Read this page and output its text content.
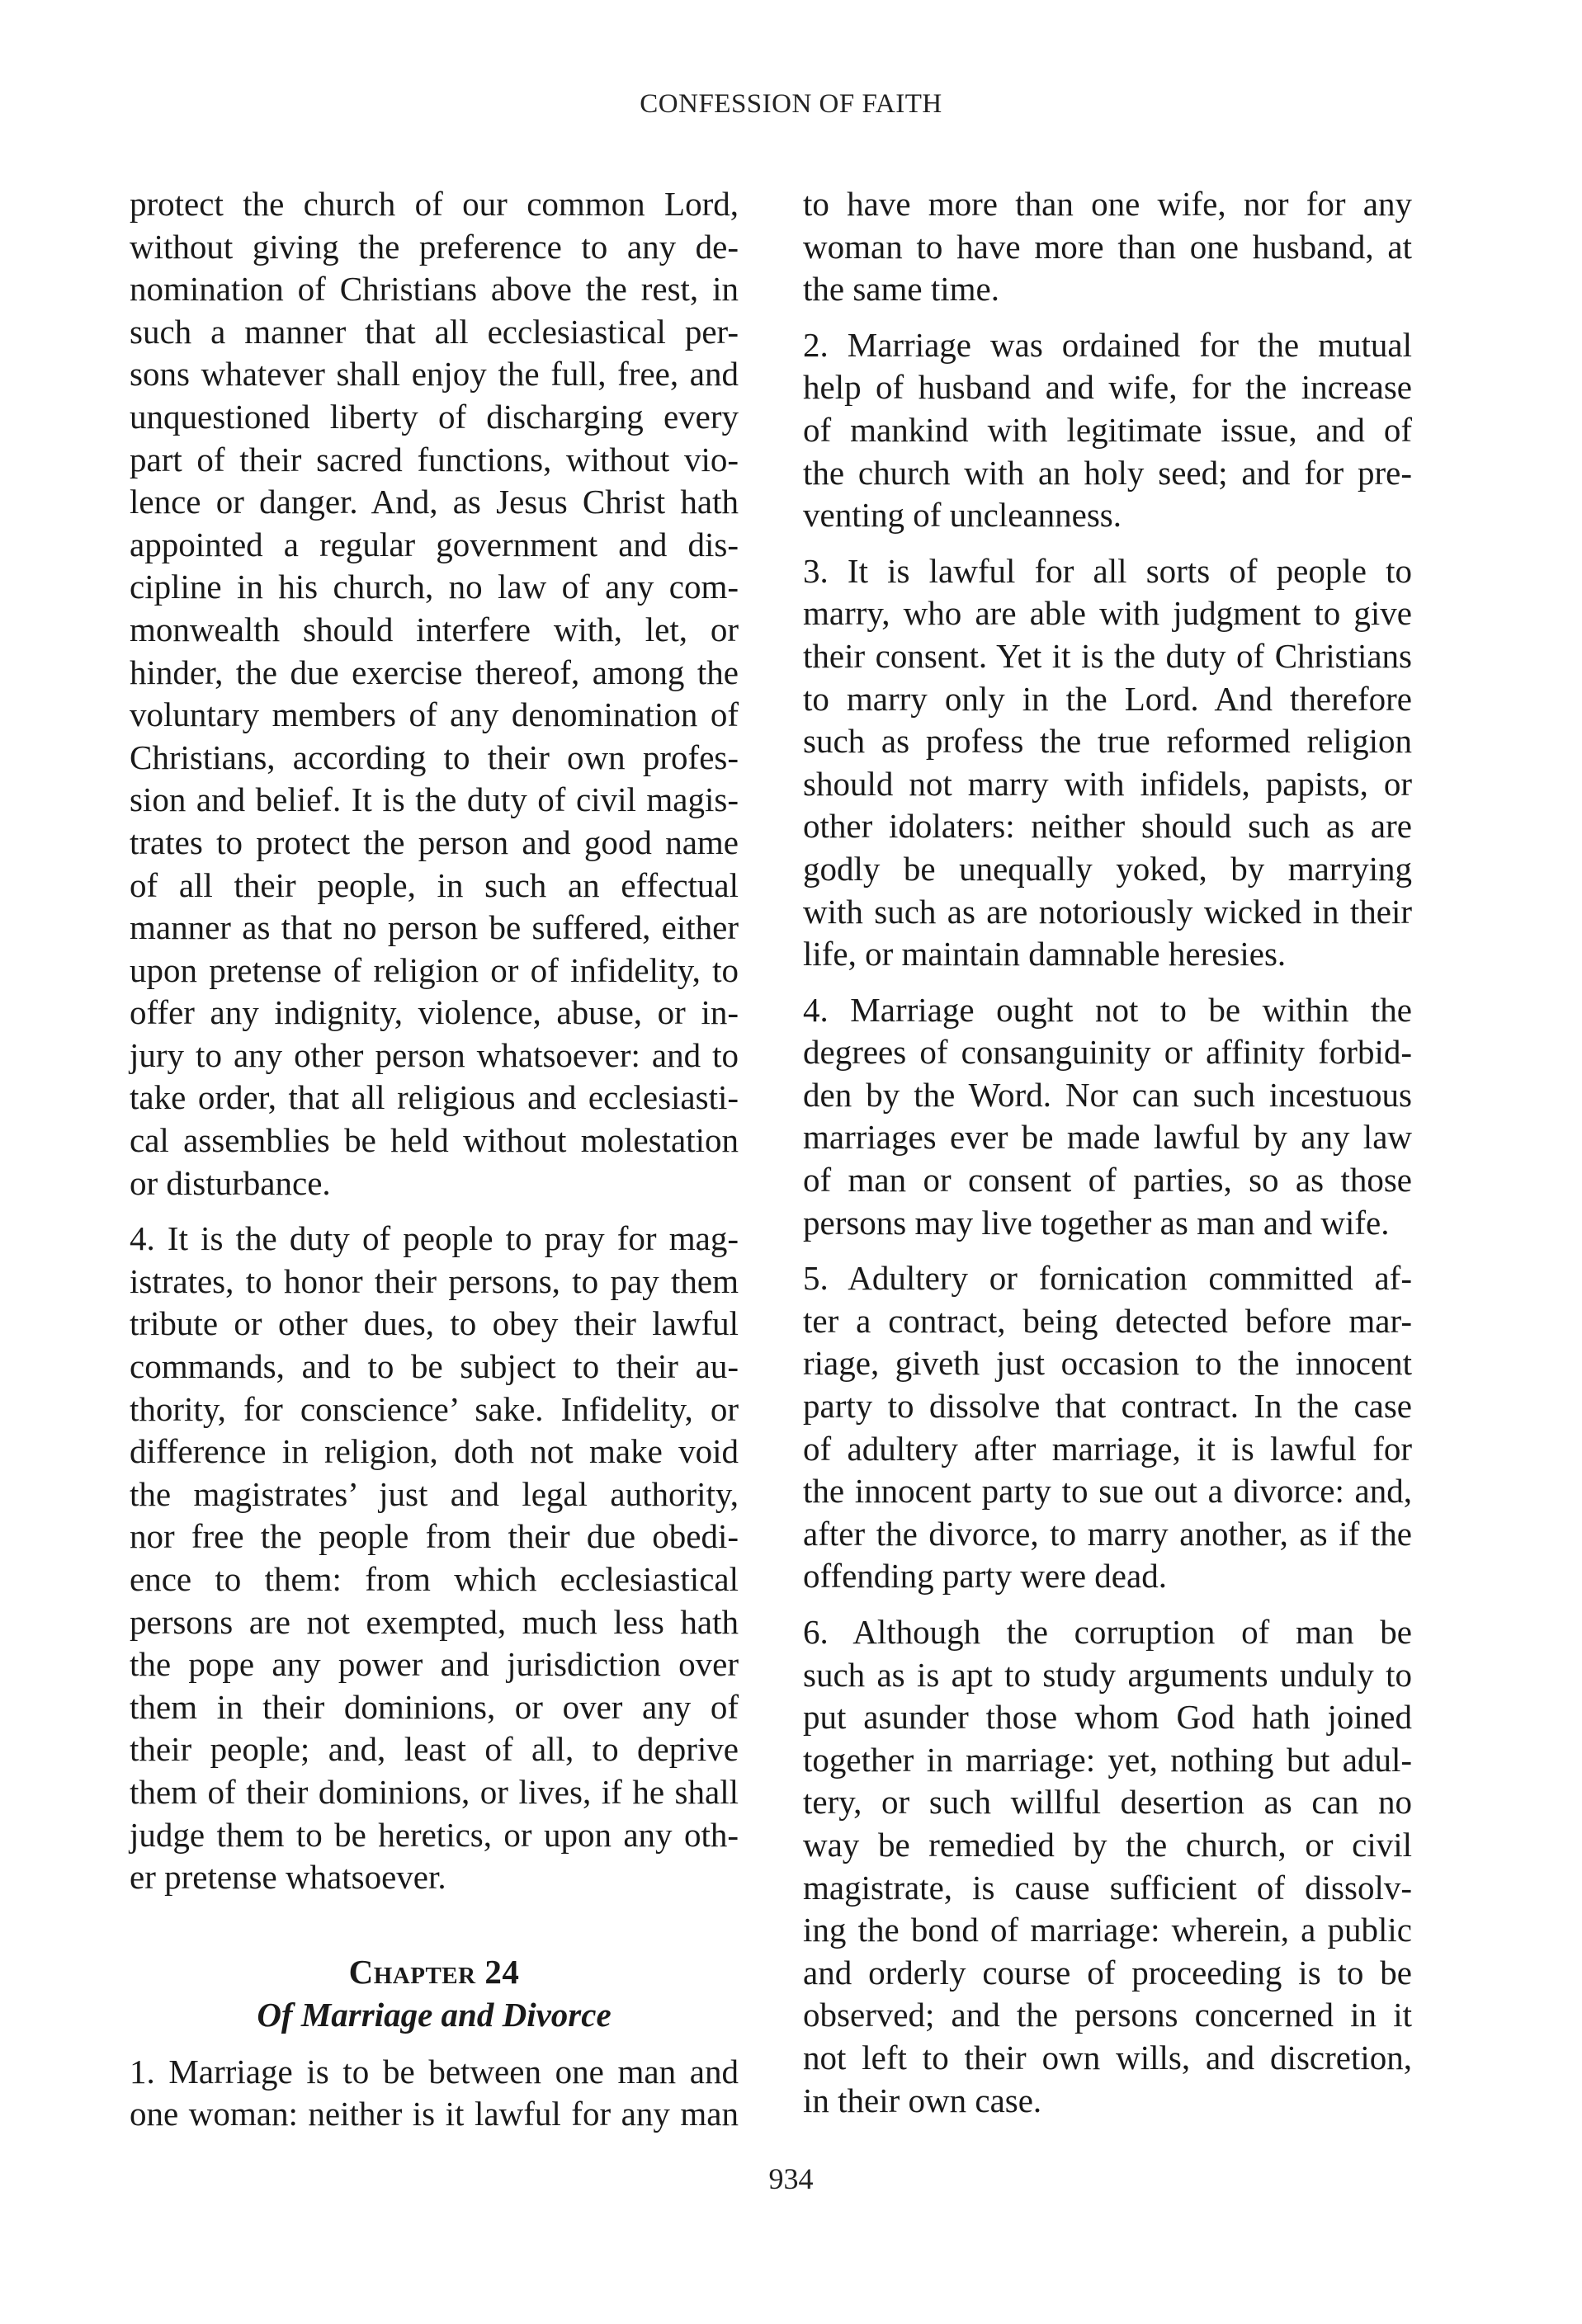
CONFESSION OF FAITH
protect the church of our common Lord,
without giving the preference to any de-
nomination of Christians above the rest, in
such a manner that all ecclesiastical per-
sons whatever shall enjoy the full, free, and
unquestioned liberty of discharging every
part of their sacred functions, without vio-
lence or danger. And, as Jesus Christ hath
appointed a regular government and dis-
cipline in his church, no law of any com-
monwealth should interfere with, let, or
hinder, the due exercise thereof, among the
voluntary members of any denomination of
Christians, according to their own profes-
sion and belief. It is the duty of civil magis-
trates to protect the person and good name
of all their people, in such an effectual
manner as that no person be suffered, either
upon pretense of religion or of infidelity, to
offer any indignity, violence, abuse, or in-
jury to any other person whatsoever: and to
take order, that all religious and ecclesiasti-
cal assemblies be held without molestation
or disturbance.
4. It is the duty of people to pray for mag-
istrates, to honor their persons, to pay them
tribute or other dues, to obey their lawful
commands, and to be subject to their au-
thority, for conscience’ sake. Infidelity, or
difference in religion, doth not make void
the magistrates’ just and legal authority,
nor free the people from their due obedi-
ence to them: from which ecclesiastical
persons are not exempted, much less hath
the pope any power and jurisdiction over
them in their dominions, or over any of
their people; and, least of all, to deprive
them of their dominions, or lives, if he shall
judge them to be heretics, or upon any oth-
er pretense whatsoever.
Chapter 24
Of Marriage and Divorce
1. Marriage is to be between one man and
one woman: neither is it lawful for any man
to have more than one wife, nor for any
woman to have more than one husband, at
the same time.
2. Marriage was ordained for the mutual
help of husband and wife, for the increase
of mankind with legitimate issue, and of
the church with an holy seed; and for pre-
venting of uncleanness.
3. It is lawful for all sorts of people to
marry, who are able with judgment to give
their consent. Yet it is the duty of Christians
to marry only in the Lord. And therefore
such as profess the true reformed religion
should not marry with infidels, papists, or
other idolaters: neither should such as are
godly be unequally yoked, by marrying
with such as are notoriously wicked in their
life, or maintain damnable heresies.
4. Marriage ought not to be within the
degrees of consanguinity or affinity forbid-
den by the Word. Nor can such incestuous
marriages ever be made lawful by any law
of man or consent of parties, so as those
persons may live together as man and wife.
5. Adultery or fornication committed af-
ter a contract, being detected before mar-
riage, giveth just occasion to the innocent
party to dissolve that contract. In the case
of adultery after marriage, it is lawful for
the innocent party to sue out a divorce: and,
after the divorce, to marry another, as if the
offending party were dead.
6. Although the corruption of man be
such as is apt to study arguments unduly to
put asunder those whom God hath joined
together in marriage: yet, nothing but adul-
tery, or such willful desertion as can no
way be remedied by the church, or civil
magistrate, is cause sufficient of dissolv-
ing the bond of marriage: wherein, a public
and orderly course of proceeding is to be
observed; and the persons concerned in it
not left to their own wills, and discretion,
in their own case.
934
